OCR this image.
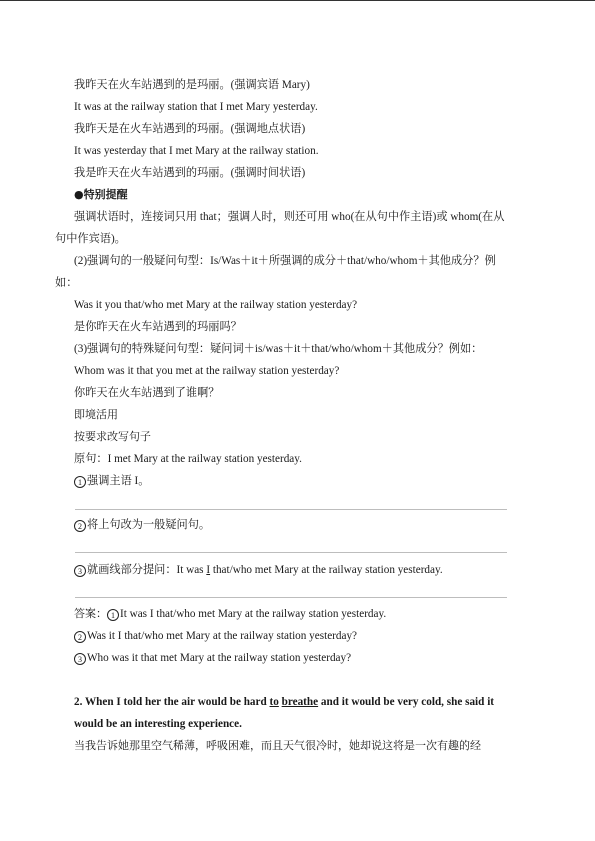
我昨天在火车站遇到的是玛丽。(强调宾语 Mary)
It was at the railway station that I met Mary yesterday.
我昨天是在火车站遇到的玛丽。(强调地点状语)
It was yesterday that I met Mary at the railway station.
我是昨天在火车站遇到的玛丽。(强调时间状语)
●特别提醒
强调状语时，连接词只用 that；强调人时，则还可用 who(在从句中作主语)或 whom(在从
句中作宾语)。
(2)强调句的一般疑问句型：Is/Was＋it＋所强调的成分＋that/who/whom＋其他成分？例
如：
Was it you that/who met Mary at the railway station yesterday?
是你昨天在火车站遇到的玛丽吗？
(3)强调句的特殊疑问句型：疑问词＋is/was＋it＋that/who/whom＋其他成分？例如：
Whom was it that you met at the railway station yesterday?
你昨天在火车站遇到了谁啊？
即境活用
按要求改写句子
原句：I met Mary at the railway station yesterday.
1 强调主语 I。
2 将上句改为一般疑问句。
3 就画线部分提问：It was I that/who met Mary at the railway station yesterday.
答案： 1 It was I that/who met Mary at the railway station yesterday.
2 Was it I that/who met Mary at the railway station yesterday?
3 Who was it that met Mary at the railway station yesterday?
2. When I told her the air would be hard to breathe and it would be very cold, she said it
would be an interesting experience.
当我告诉她那里空气稀薄，呼吸困难，而且天气很冷时，她却说这将是一次有趣的经
